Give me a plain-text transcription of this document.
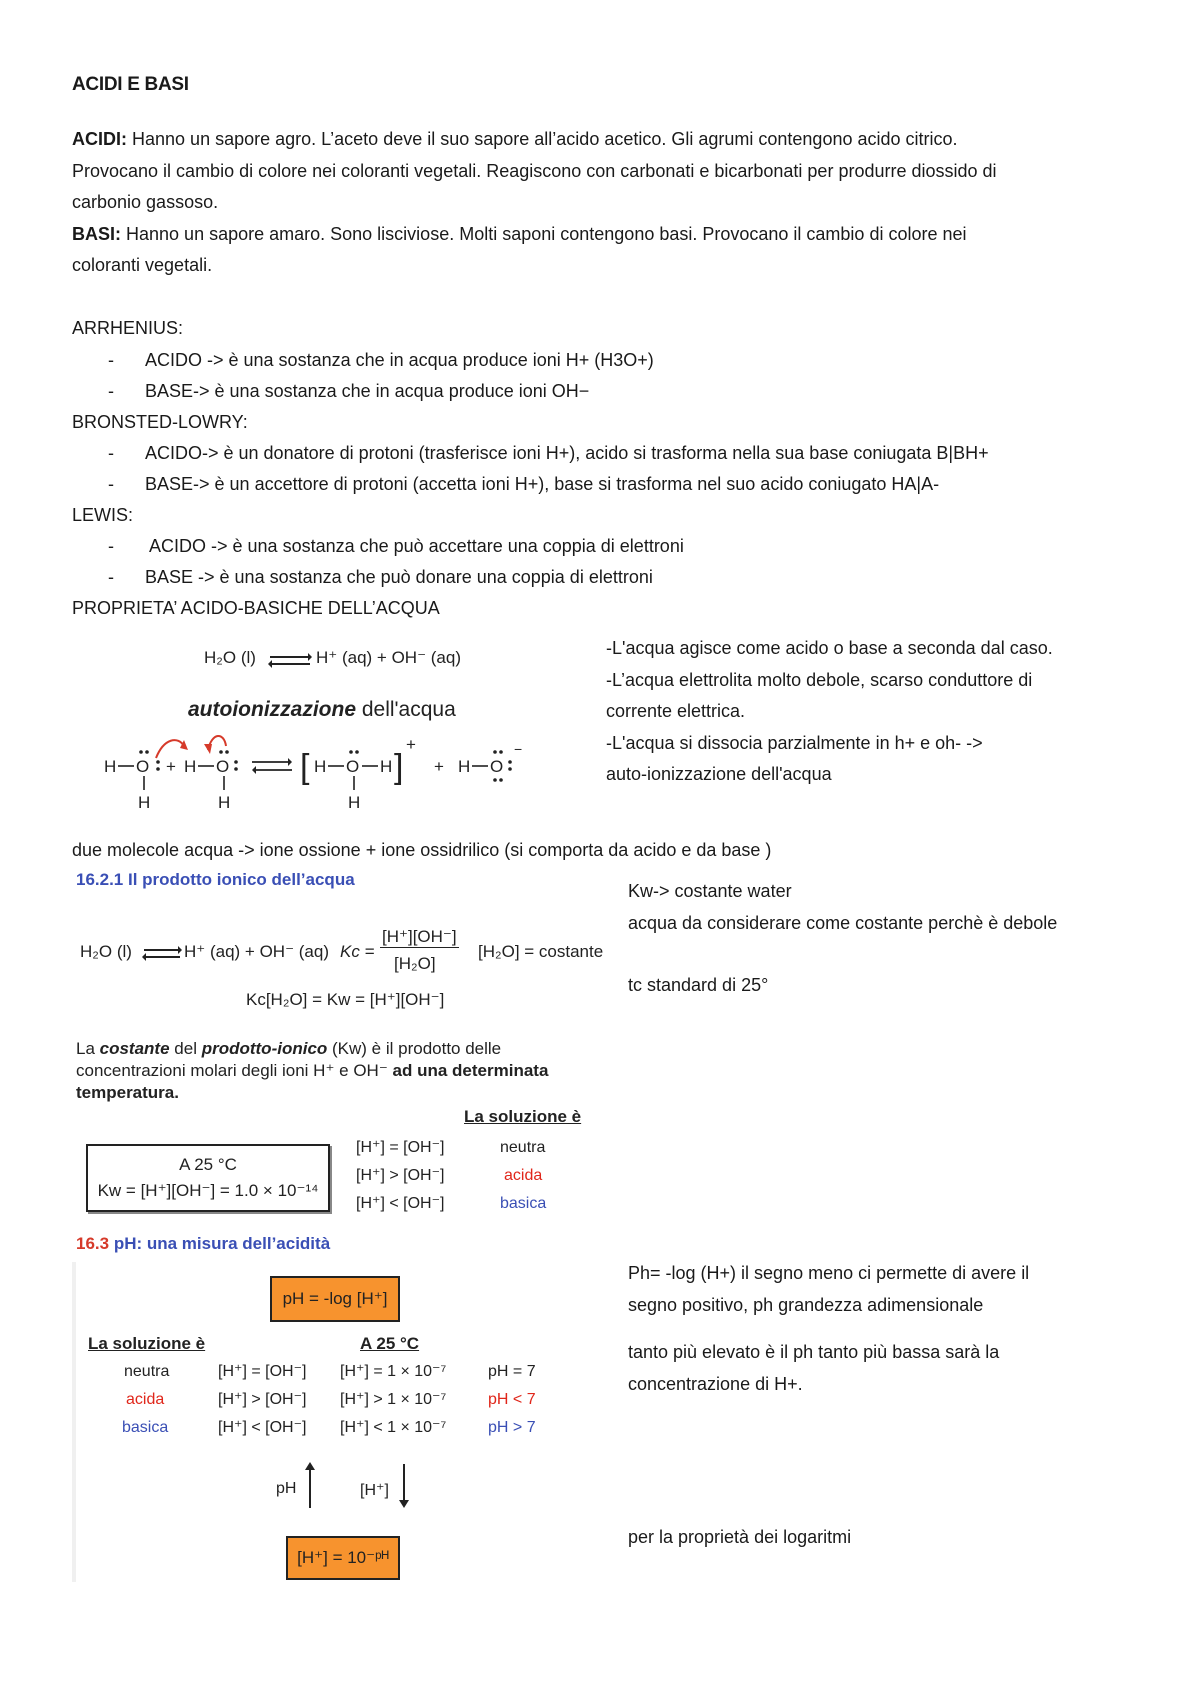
ACIDI E BASI
ACIDI: Hanno un sapore agro. L’aceto deve il suo sapore all’acido acetico. Gli agrumi contengono acido citrico.
Provocano il cambio di colore nei coloranti vegetali. Reagiscono con carbonati e bicarbonati per produrre diossido di
carbonio gassoso.
BASI: Hanno un sapore amaro. Sono lisciviose. Molti saponi contengono basi. Provocano il cambio di colore nei
coloranti vegetali.
ARRHENIUS:
- ACIDO -> è una sostanza che in acqua produce ioni H+ (H3O+)
- BASE-> è una sostanza che in acqua produce ioni OH−
BRONSTED-LOWRY:
- ACIDO-> è un donatore di protoni (trasferisce ioni H+), acido si trasforma nella sua base coniugata B|BH+
- BASE-> è un accettore di protoni (accetta ioni H+), base si trasforma nel suo acido coniugato HA|A-
LEWIS:
- ACIDO -> è una sostanza che può accettare una coppia di elettroni
- BASE -> è una sostanza che può donare una coppia di elettroni
PROPRIETA’ ACIDO-BASICHE DELL’ACQUA
H₂O (l) ⇌ H⁺ (aq) + OH⁻ (aq)
autoionizzazione dell'acqua
H O
H
+ H O
H
[ H O H
H
]
+
+ H O
−
-L'acqua agisce come acido o base a seconda dal caso.
-L’acqua elettrolita molto debole, scarso conduttore di
corrente elettrica.
-L'acqua si dissocia parzialmente in h+ e oh- ->
auto-ionizzazione dell'acqua
due molecole acqua -> ione ossione + ione ossidrilico (si comporta da acido e da base )
16.2.1 Il prodotto ionico dell’acqua
H₂O (l) ⇌ H⁺ (aq) + OH⁻ (aq) Kc =
[H⁺][OH⁻]
[H₂O]
[H₂O] = costante
Kc[H₂O] = Kw = [H⁺][OH⁻]
Kw-> costante water
acqua da considerare come costante perchè è debole
tc standard di 25°
La costante del prodotto-ionico (Kw) è il prodotto delle
concentrazioni molari degli ioni H⁺ e OH⁻ ad una determinata
temperatura.
A 25 °C
Kw = [H⁺][OH⁻] = 1.0 × 10⁻¹⁴
La soluzione è
[H⁺] = [OH⁻]	neutra
[H⁺] > [OH⁻]	acida
[H⁺] < [OH⁻]	basica
16.3 pH: una misura dell’acidità
pH = -log [H⁺]
La soluzione è	A 25 °C
neutra	[H⁺] = [OH⁻] [H⁺] = 1 × 10⁻⁷	pH = 7
acida	[H⁺] > [OH⁻] [H⁺] > 1 × 10⁻⁷	pH < 7
basica	[H⁺] < [OH⁻] [H⁺] < 1 × 10⁻⁷	pH > 7
pH	[H⁺]
[H⁺] = 10⁻ᵖᴴ
Ph= -log (H+) il segno meno ci permette di avere il
segno positivo, ph grandezza adimensionale
tanto più elevato è il ph tanto più bassa sarà la
concentrazione di H+.
per la proprietà dei logaritmi
